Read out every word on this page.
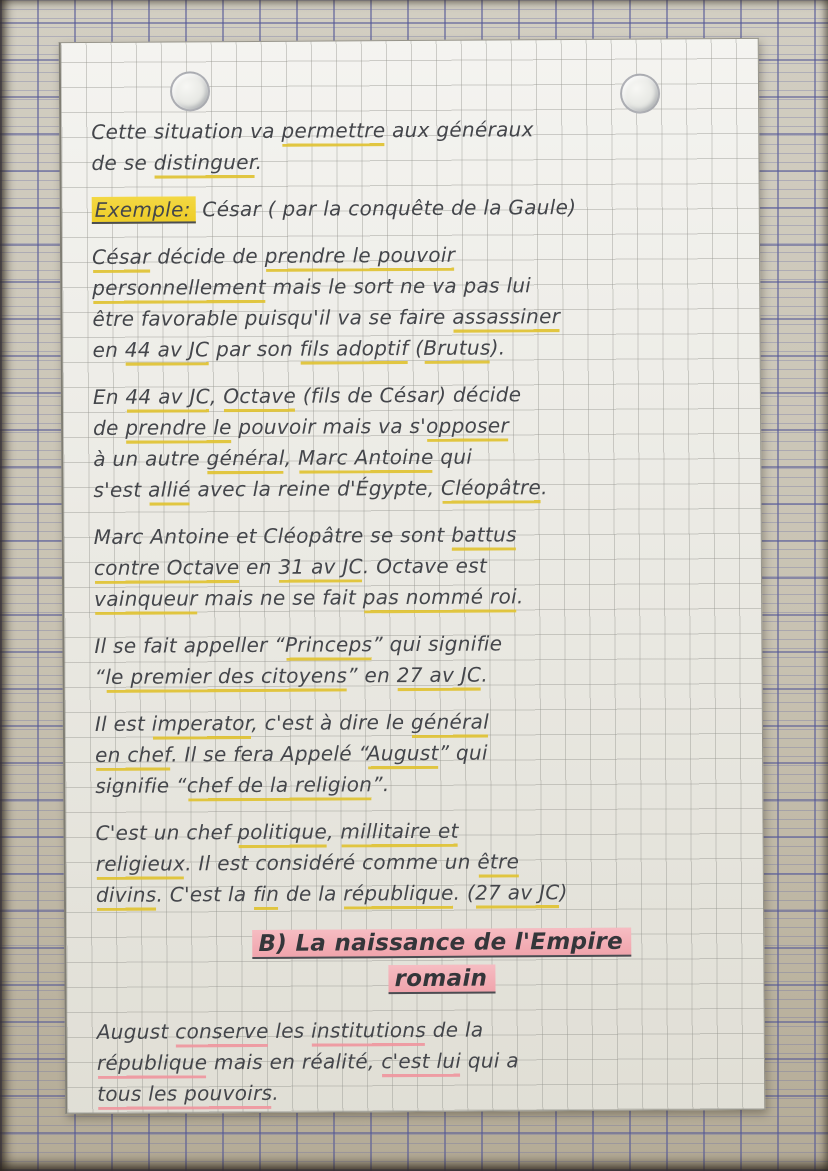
Cette situation va permettre aux généraux
de se distinguer.
Exemple: César ( par la conquête de la Gaule)
César décide de prendre le pouvoir
personnellement mais le sort ne va pas lui
être favorable puisqu'il va se faire assassiner
en 44 av JC par son fils adoptif (Brutus).
En 44 av JC, Octave (fils de César) décide
de prendre le pouvoir mais va s'opposer
à un autre général, Marc Antoine qui
s'est allié avec la reine d'Égypte, Cléopâtre.
Marc Antoine et Cléopâtre se sont battus
contre Octave en 31 av JC. Octave est
vainqueur mais ne se fait pas nommé roi.
Il se fait appeller “Princeps” qui signifie
“le premier des citoyens” en 27 av JC.
Il est imperator, c'est à dire le général
en chef. Il se fera Appelé “August” qui
signifie “chef de la religion”.
C'est un chef politique, millitaire et
religieux. Il est considéré comme un être
divins. C'est la fin de la république. (27 av JC)
B) La naissance de l'Empire
romain
August conserve les institutions de la
république mais en réalité, c'est lui qui a
tous les pouvoirs.
